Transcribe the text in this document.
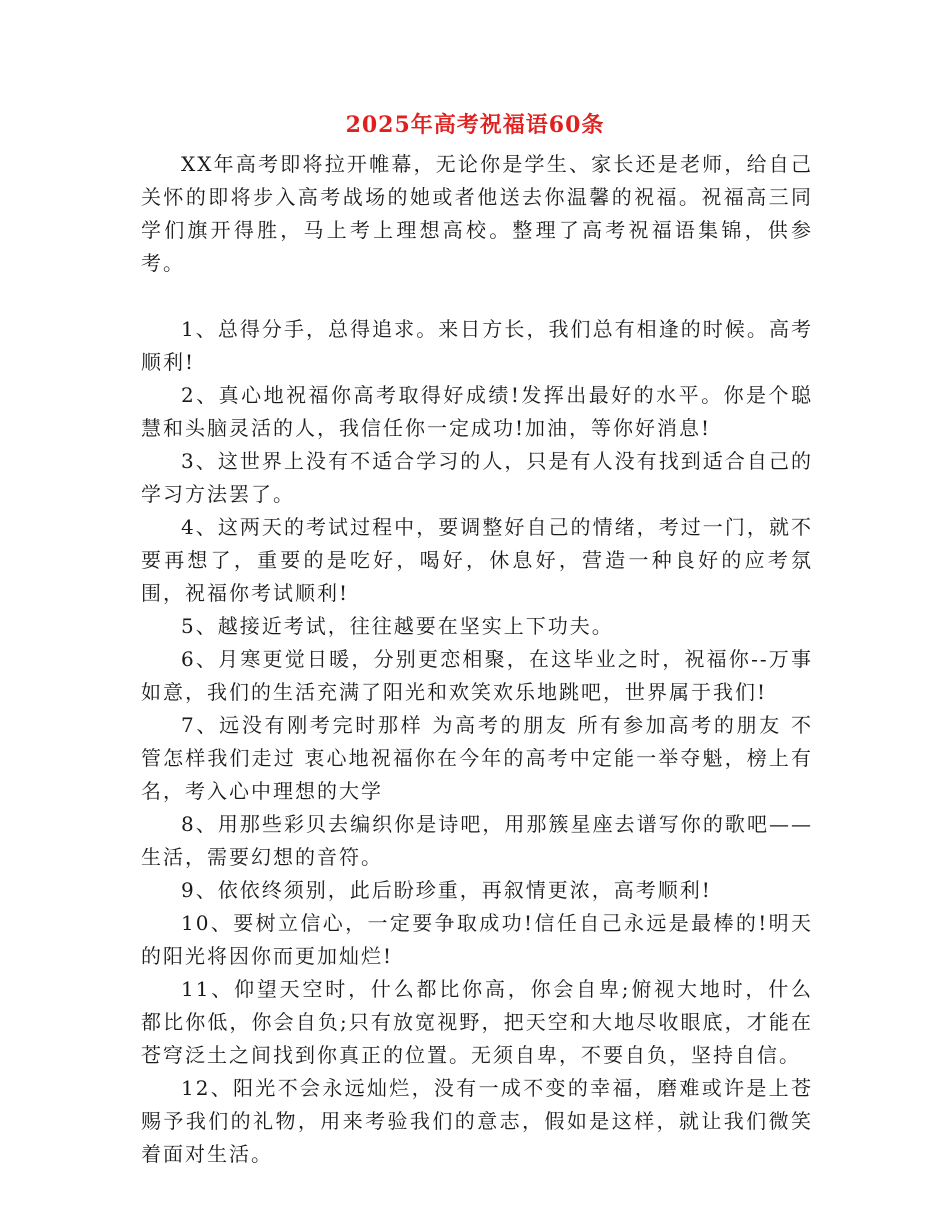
2025年高考祝福语60条

XX年高考即将拉开帷幕，无论你是学生、家长还是老师，给自己关怀的即将步入高考战场的她或者他送去你温馨的祝福。祝福高三同学们旗开得胜，马上考上理想高校。整理了高考祝福语集锦，供参考。

1、总得分手，总得追求。来日方长，我们总有相逢的时候。高考顺利!

2、真心地祝福你高考取得好成绩!发挥出最好的水平。你是个聪慧和头脑灵活的人，我信任你一定成功!加油，等你好消息!

3、这世界上没有不适合学习的人，只是有人没有找到适合自己的学习方法罢了。

4、这两天的考试过程中，要调整好自己的情绪，考过一门，就不要再想了，重要的是吃好，喝好，休息好，营造一种良好的应考氛围，祝福你考试顺利!

5、越接近考试，往往越要在坚实上下功夫。

6、月寒更觉日暖，分别更恋相聚，在这毕业之时，祝福你--万事如意，我们的生活充满了阳光和欢笑欢乐地跳吧，世界属于我们!

7、远没有刚考完时那样 为高考的朋友 所有参加高考的朋友 不管怎样我们走过 衷心地祝福你在今年的高考中定能一举夺魁，榜上有名，考入心中理想的大学

8、用那些彩贝去编织你是诗吧，用那簇星座去谱写你的歌吧——生活，需要幻想的音符。

9、依依终须别，此后盼珍重，再叙情更浓，高考顺利!

10、要树立信心，一定要争取成功!信任自己永远是最棒的!明天的阳光将因你而更加灿烂!

11、仰望天空时，什么都比你高，你会自卑;俯视大地时，什么都比你低，你会自负;只有放宽视野，把天空和大地尽收眼底，才能在苍穹泛土之间找到你真正的位置。无须自卑，不要自负，坚持自信。

12、阳光不会永远灿烂，没有一成不变的幸福，磨难或许是上苍赐予我们的礼物，用来考验我们的意志，假如是这样，就让我们微笑着面对生活。
